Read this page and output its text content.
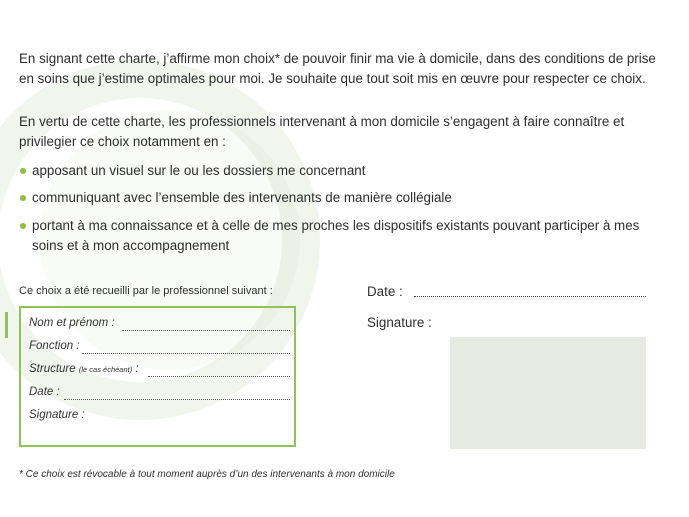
En signant cette charte, j’affirme mon choix* de pouvoir finir ma vie à domicile, dans des conditions de prise en soins que j’estime optimales pour moi. Je souhaite que tout soit mis en œuvre pour respecter ce choix.
En vertu de cette charte, les professionnels intervenant à mon domicile s’engagent à faire connaître et privilegier ce choix notamment en :
apposant un visuel sur le ou les dossiers me concernant
communiquant avec l’ensemble des intervenants de manière collégiale
portant à ma connaissance et à celle de mes proches les dispositifs existants pouvant participer à mes soins et à mon accompagnement
Ce choix a été recueilli par le professionnel suivant :
Nom et prénom :
Fonction :
Structure (le cas échéant) :
Date :
Signature :
Date :
Signature :
* Ce choix est révocable à tout moment auprès d’un des intervenants à mon domicile
